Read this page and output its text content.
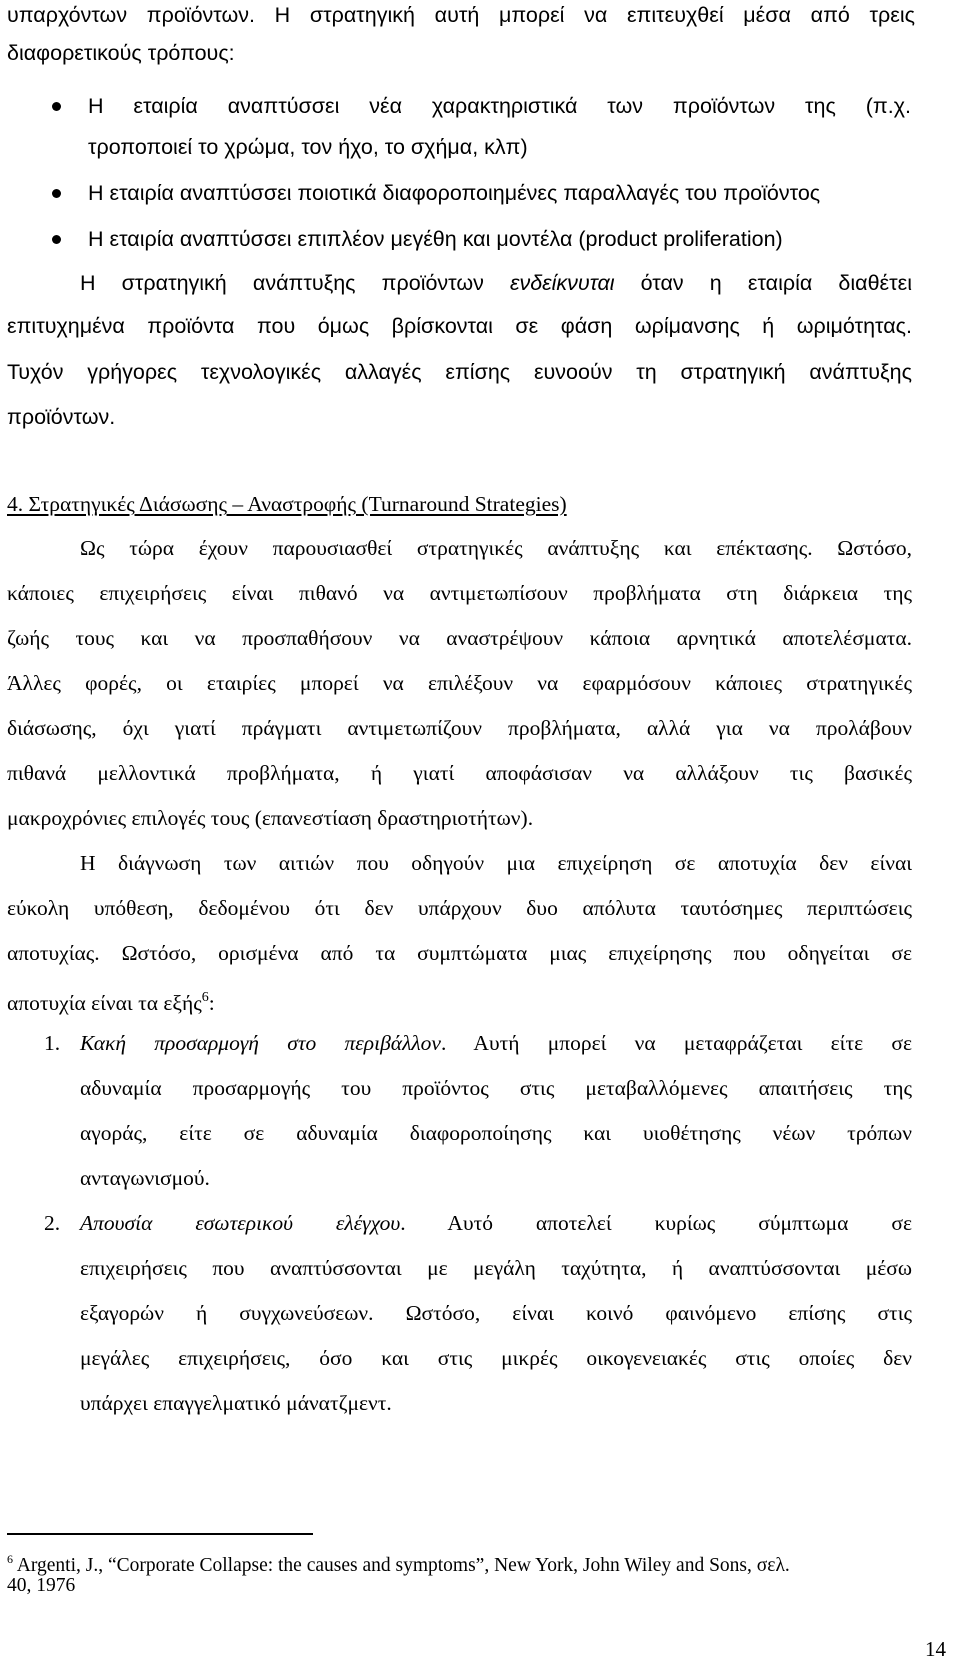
υπαρχόντων προϊόντων. Η στρατηγική αυτή μπορεί να επιτευχθεί μέσα από τρεις

διαφορετικούς τρόπους:

Η εταιρία αναπτύσσει νέα χαρακτηριστικά των προϊόντων της (π.χ.

τροποποιεί το χρώμα, τον ήχο, το σχήμα, κλπ)

Η εταιρία αναπτύσσει ποιοτικά διαφοροποιημένες παραλλαγές του προϊόντος

Η εταιρία αναπτύσσει επιπλέον μεγέθη και μοντέλα (product proliferation)

Η στρατηγική ανάπτυξης προϊόντων ενδείκνυται όταν η εταιρία διαθέτει

επιτυχημένα προϊόντα που όμως βρίσκονται σε φάση ωρίμανσης ή ωριμότητας.

Τυχόν γρήγορες τεχνολογικές αλλαγές επίσης ευνοούν τη στρατηγική ανάπτυξης

προϊόντων.

4. Στρατηγικές Διάσωσης – Αναστροφής (Turnaround Strategies)

Ως τώρα έχουν παρουσιασθεί στρατηγικές ανάπτυξης και επέκτασης. Ωστόσο,

κάποιες επιχειρήσεις είναι πιθανό να αντιμετωπίσουν προβλήματα στη διάρκεια της

ζωής τους και να προσπαθήσουν να αναστρέψουν κάποια αρνητικά αποτελέσματα.

Άλλες φορές, οι εταιρίες μπορεί να επιλέξουν να εφαρμόσουν κάποιες στρατηγικές

διάσωσης, όχι γιατί πράγματι αντιμετωπίζουν προβλήματα, αλλά για να προλάβουν

πιθανά μελλοντικά προβλήματα, ή γιατί αποφάσισαν να αλλάξουν τις βασικές

μακροχρόνιες επιλογές τους (επανεστίαση δραστηριοτήτων).

Η διάγνωση των αιτιών που οδηγούν μια επιχείρηση σε αποτυχία δεν είναι

εύκολη υπόθεση, δεδομένου ότι δεν υπάρχουν δυο απόλυτα ταυτόσημες περιπτώσεις

αποτυχίας. Ωστόσο, ορισμένα από τα συμπτώματα μιας επιχείρησης που οδηγείται σε

αποτυχία είναι τα εξής$^6$:

1. Κακή προσαρμογή στο περιβάλλον. Αυτή μπορεί να μεταφράζεται είτε σε

αδυναμία προσαρμογής του προϊόντος στις μεταβαλλόμενες απαιτήσεις της

αγοράς, είτε σε αδυναμία διαφοροποίησης και υιοθέτησης νέων τρόπων

ανταγωνισμού.

2. Απουσία εσωτερικού ελέγχου. Αυτό αποτελεί κυρίως σύμπτωμα σε

επιχειρήσεις που αναπτύσσονται με μεγάλη ταχύτητα, ή αναπτύσσονται μέσω

εξαγορών ή συγχωνεύσεων. Ωστόσο, είναι κοινό φαινόμενο επίσης στις

μεγάλες επιχειρήσεις, όσο και στις μικρές οικογενειακές στις οποίες δεν

υπάρχει επαγγελματικό μάνατζμεντ.

$^6$ Argenti, J., “Corporate Collapse: the causes and symptoms”, New York, John Wiley and Sons, σελ.

40, 1976

14
